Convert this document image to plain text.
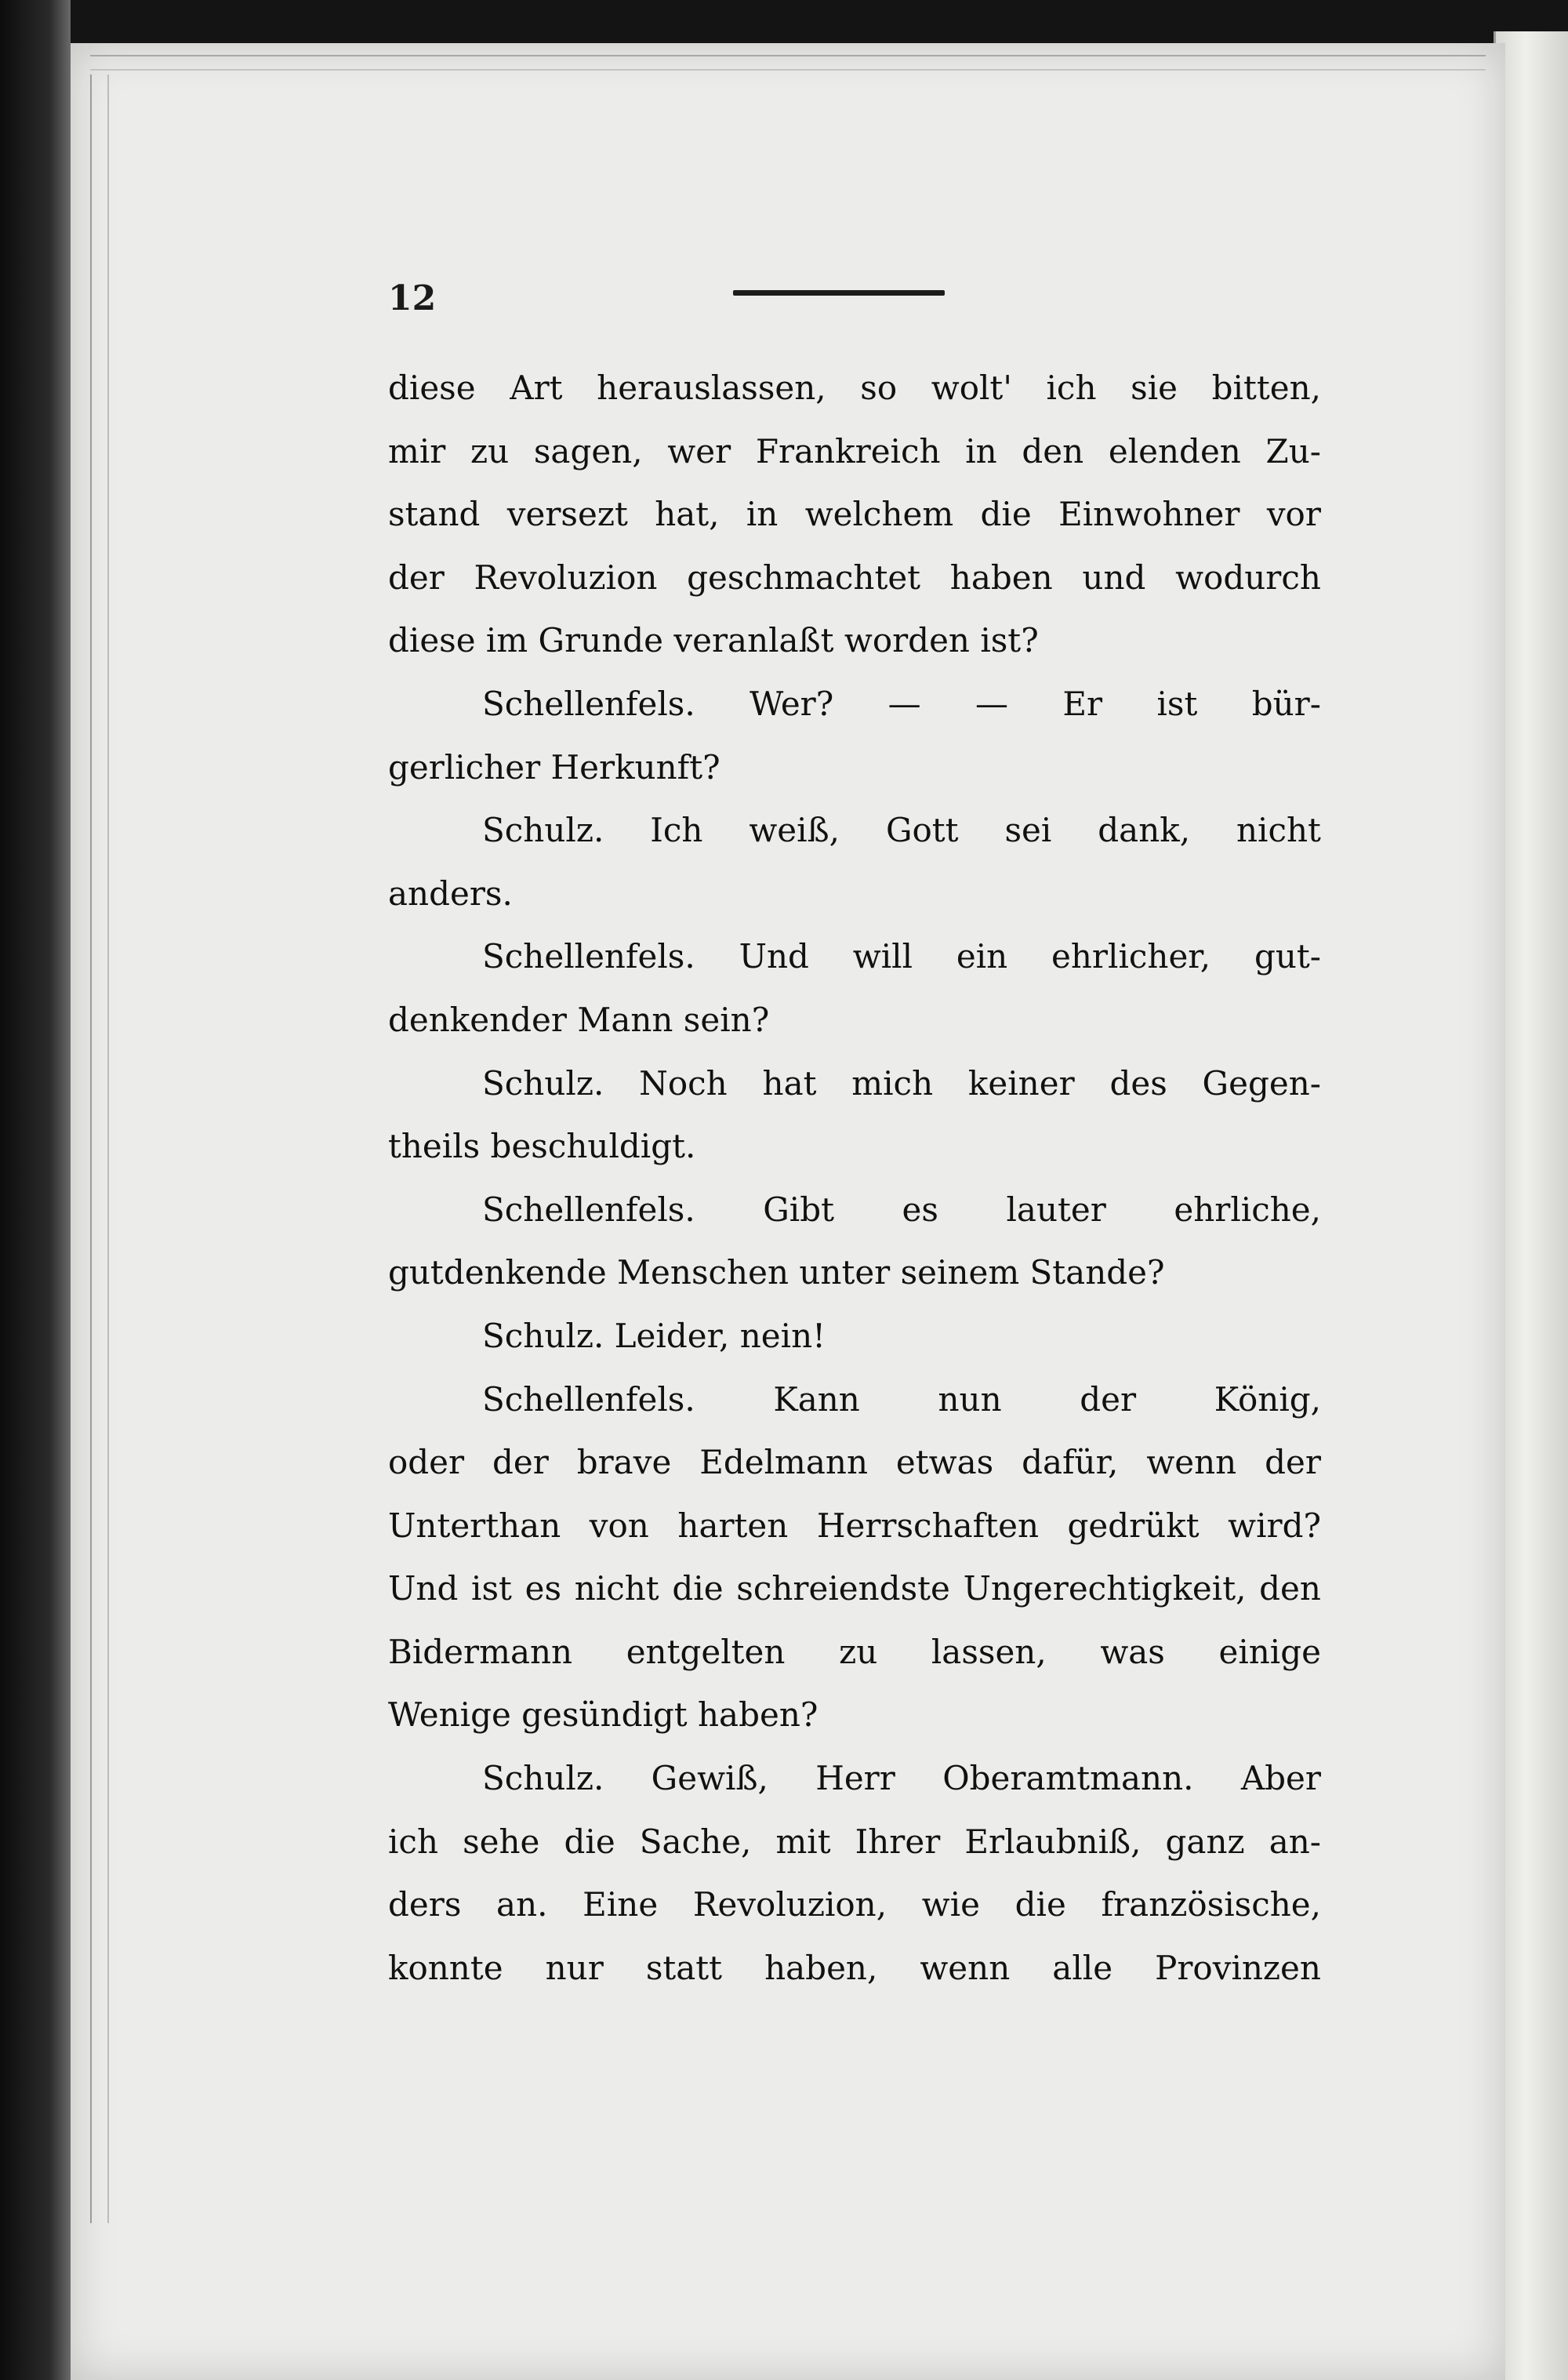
12
diese Art herauslassen, so wolt' ich sie bitten,
mir zu sagen, wer Frankreich in den elenden Zu-
stand versezt hat, in welchem die Einwohner vor
der Revoluzion geschmachtet haben und wodurch
diese im Grunde veranlaßt worden ist?
Schellenfels. Wer? — — Er ist bür-
gerlicher Herkunft?
Schulz. Ich weiß, Gott sei dank, nicht
anders.
Schellenfels. Und will ein ehrlicher, gut-
denkender Mann sein?
Schulz. Noch hat mich keiner des Gegen-
theils beschuldigt.
Schellenfels. Gibt es lauter ehrliche,
gutdenkende Menschen unter seinem Stande?
Schulz. Leider, nein!
Schellenfels. Kann nun der König,
oder der brave Edelmann etwas dafür, wenn der
Unterthan von harten Herrschaften gedrükt wird?
Und ist es nicht die schreiendste Ungerechtigkeit, den
Bidermann entgelten zu lassen, was einige
Wenige gesündigt haben?
Schulz. Gewiß, Herr Oberamtmann. Aber
ich sehe die Sache, mit Ihrer Erlaubniß, ganz an-
ders an. Eine Revoluzion, wie die französische,
konnte nur statt haben, wenn alle Provinzen
